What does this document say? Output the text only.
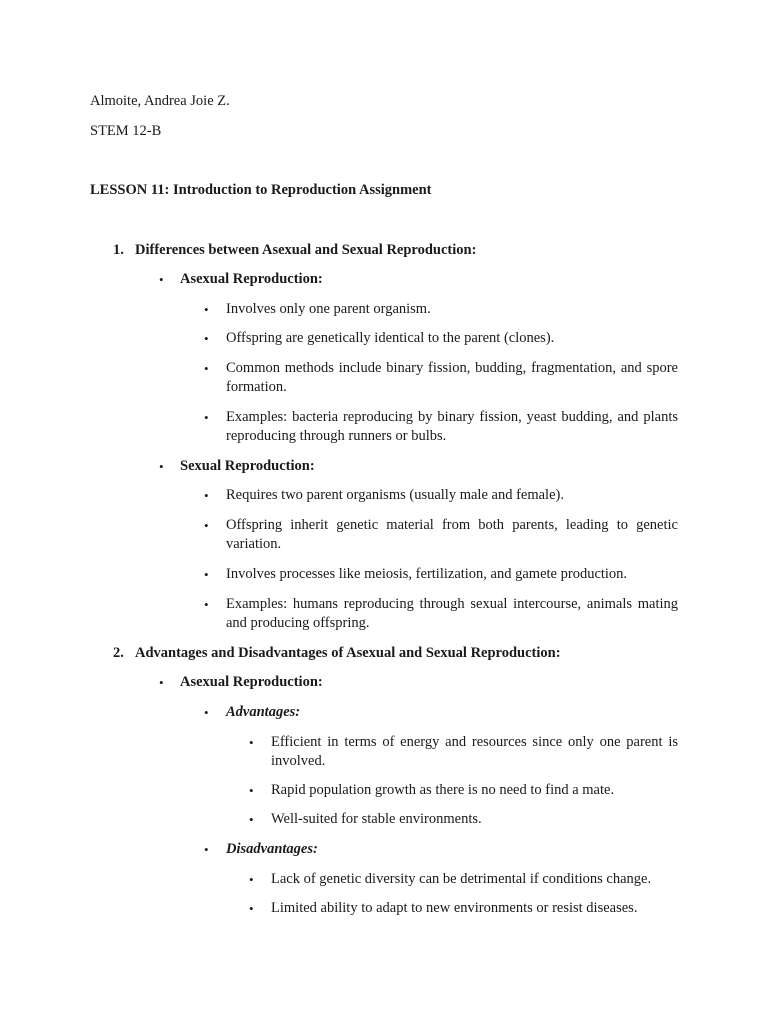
Almoite, Andrea Joie Z.
STEM 12-B
LESSON 11: Introduction to Reproduction Assignment
1. Differences between Asexual and Sexual Reproduction:
• Asexual Reproduction:
• Involves only one parent organism.
• Offspring are genetically identical to the parent (clones).
• Common methods include binary fission, budding, fragmentation, and spore formation.
• Examples: bacteria reproducing by binary fission, yeast budding, and plants reproducing through runners or bulbs.
• Sexual Reproduction:
• Requires two parent organisms (usually male and female).
• Offspring inherit genetic material from both parents, leading to genetic variation.
• Involves processes like meiosis, fertilization, and gamete production.
• Examples: humans reproducing through sexual intercourse, animals mating and producing offspring.
2. Advantages and Disadvantages of Asexual and Sexual Reproduction:
• Asexual Reproduction:
• Advantages:
• Efficient in terms of energy and resources since only one parent is involved.
• Rapid population growth as there is no need to find a mate.
• Well-suited for stable environments.
• Disadvantages:
• Lack of genetic diversity can be detrimental if conditions change.
• Limited ability to adapt to new environments or resist diseases.
